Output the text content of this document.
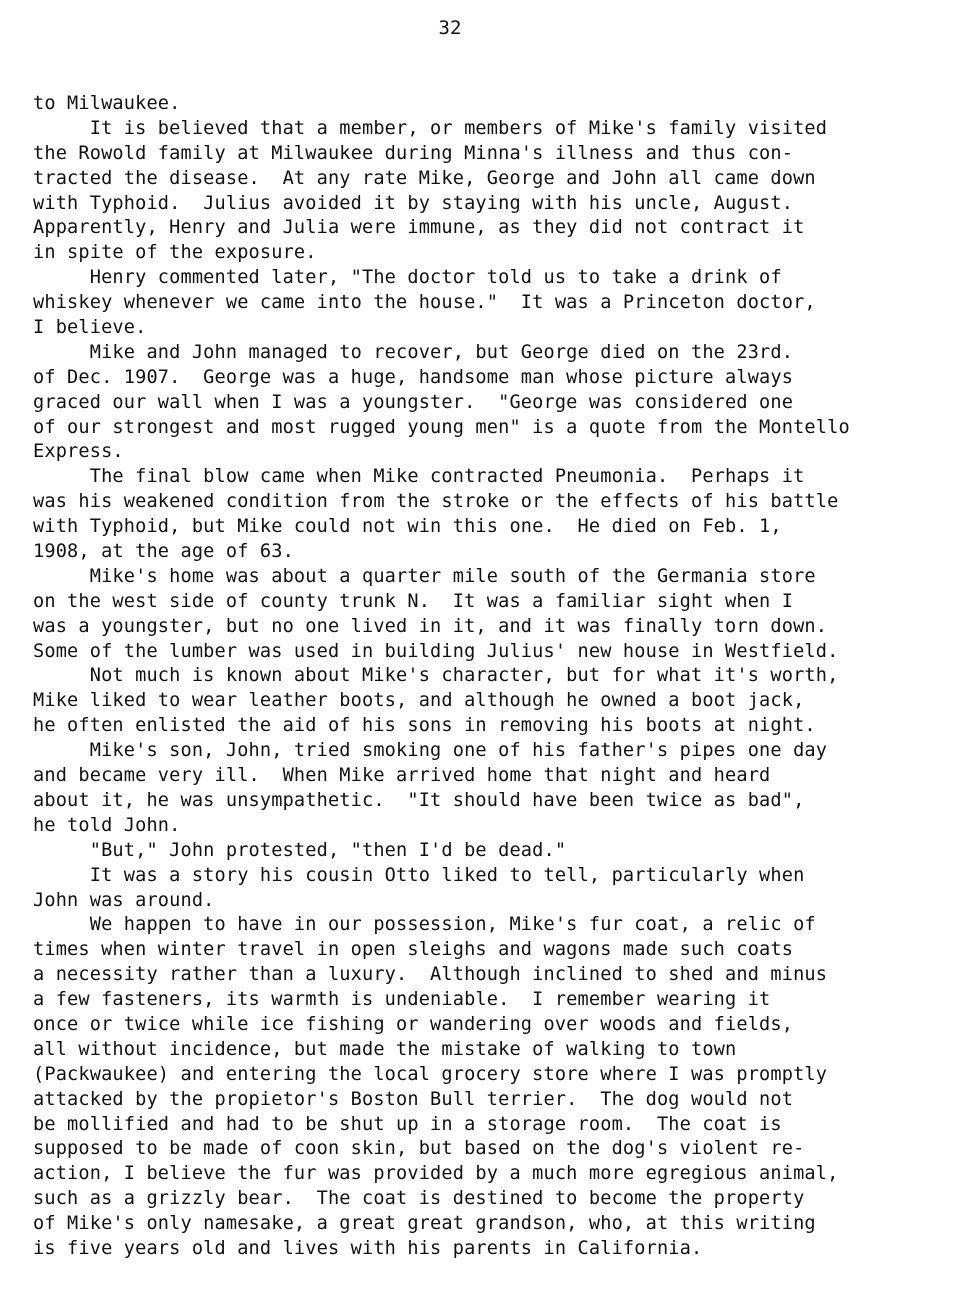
32
to Milwaukee.
It is believed that a member, or members of Mike's family visited
the Rowold family at Milwaukee during Minna's illness and thus con-
tracted the disease.  At any rate Mike, George and John all came down
with Typhoid.  Julius avoided it by staying with his uncle, August.
Apparently, Henry and Julia were immune, as they did not contract it
in spite of the exposure.
Henry commented later, "The doctor told us to take a drink of
whiskey whenever we came into the house."  It was a Princeton doctor,
I believe.
Mike and John managed to recover, but George died on the 23rd.
of Dec. 1907.  George was a huge, handsome man whose picture always
graced our wall when I was a youngster.  "George was considered one
of our strongest and most rugged young men" is a quote from the Montello
Express.
The final blow came when Mike contracted Pneumonia.  Perhaps it
was his weakened condition from the stroke or the effects of his battle
with Typhoid, but Mike could not win this one.  He died on Feb. 1,
1908, at the age of 63.
Mike's home was about a quarter mile south of the Germania store
on the west side of county trunk N.  It was a familiar sight when I
was a youngster, but no one lived in it, and it was finally torn down.
Some of the lumber was used in building Julius' new house in Westfield.
Not much is known about Mike's character, but for what it's worth,
Mike liked to wear leather boots, and although he owned a boot jack,
he often enlisted the aid of his sons in removing his boots at night.
Mike's son, John, tried smoking one of his father's pipes one day
and became very ill.  When Mike arrived home that night and heard
about it, he was unsympathetic.  "It should have been twice as bad",
he told John.
"But," John protested, "then I'd be dead."
It was a story his cousin Otto liked to tell, particularly when
John was around.
We happen to have in our possession, Mike's fur coat, a relic of
times when winter travel in open sleighs and wagons made such coats
a necessity rather than a luxury.  Although inclined to shed and minus
a few fasteners, its warmth is undeniable.  I remember wearing it
once or twice while ice fishing or wandering over woods and fields,
all without incidence, but made the mistake of walking to town
(Packwaukee) and entering the local grocery store where I was promptly
attacked by the propietor's Boston Bull terrier.  The dog would not
be mollified and had to be shut up in a storage room.  The coat is
supposed to be made of coon skin, but based on the dog's violent re-
action, I believe the fur was provided by a much more egregious animal,
such as a grizzly bear.  The coat is destined to become the property
of Mike's only namesake, a great great grandson, who, at this writing
is five years old and lives with his parents in California.
